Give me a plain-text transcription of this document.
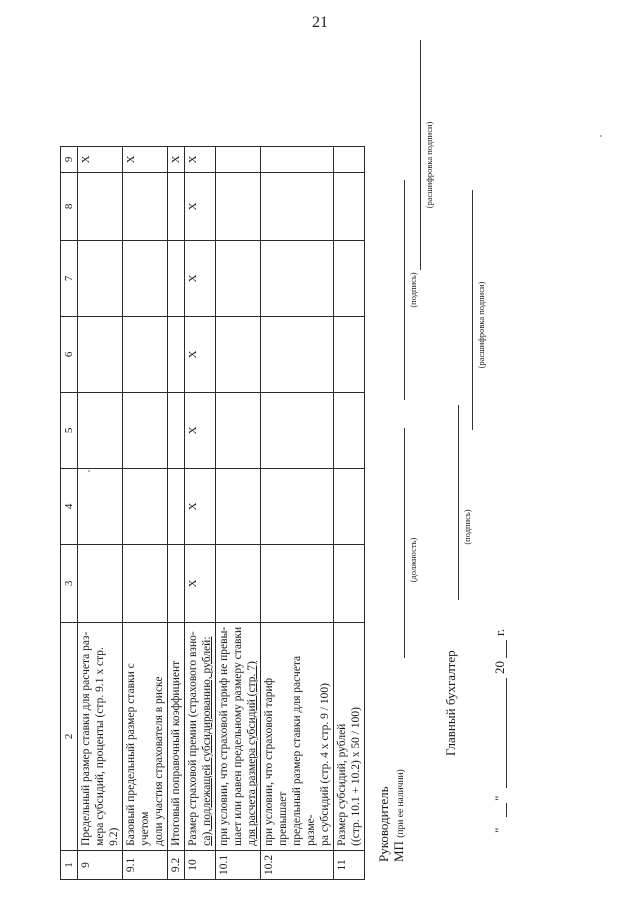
21
1	2	3	4	5	6	7	8	9
9	Предельный размер ставки для расчета раз- мера субсидий, проценты (стр. 9.1 x стр. 9.2)							X
9.1	Базовый предельный размер ставки с учетом доли участия страхователя в риске							X
9.2	Итоговый поправочный коэффициент							X
10	Размер страховой премии (страхового взно- са), подлежащей субсидированию, рублей:	X	X	X	X	X	X	X
10.1	при условии, что страховой тариф не превы- шает или равен предельному размеру ставки для расчета размера субсидий (стр. 7)							

10.2	при условии, что страховой тариф превышает предельный размер ставки для расчета разме- ра субсидий (стр. 4 x стр. 9 / 100)							

11	Размер субсидий, рублей ((стр. 10.1 + 10.2) x 50 / 100)							
							Руководитель МП (при ее наличии)
(должность)
(подпись)
(расшифровка подписи)
Главный бухгалтер
(подпись)
(расшифровка подписи)
"
"
20
г.
